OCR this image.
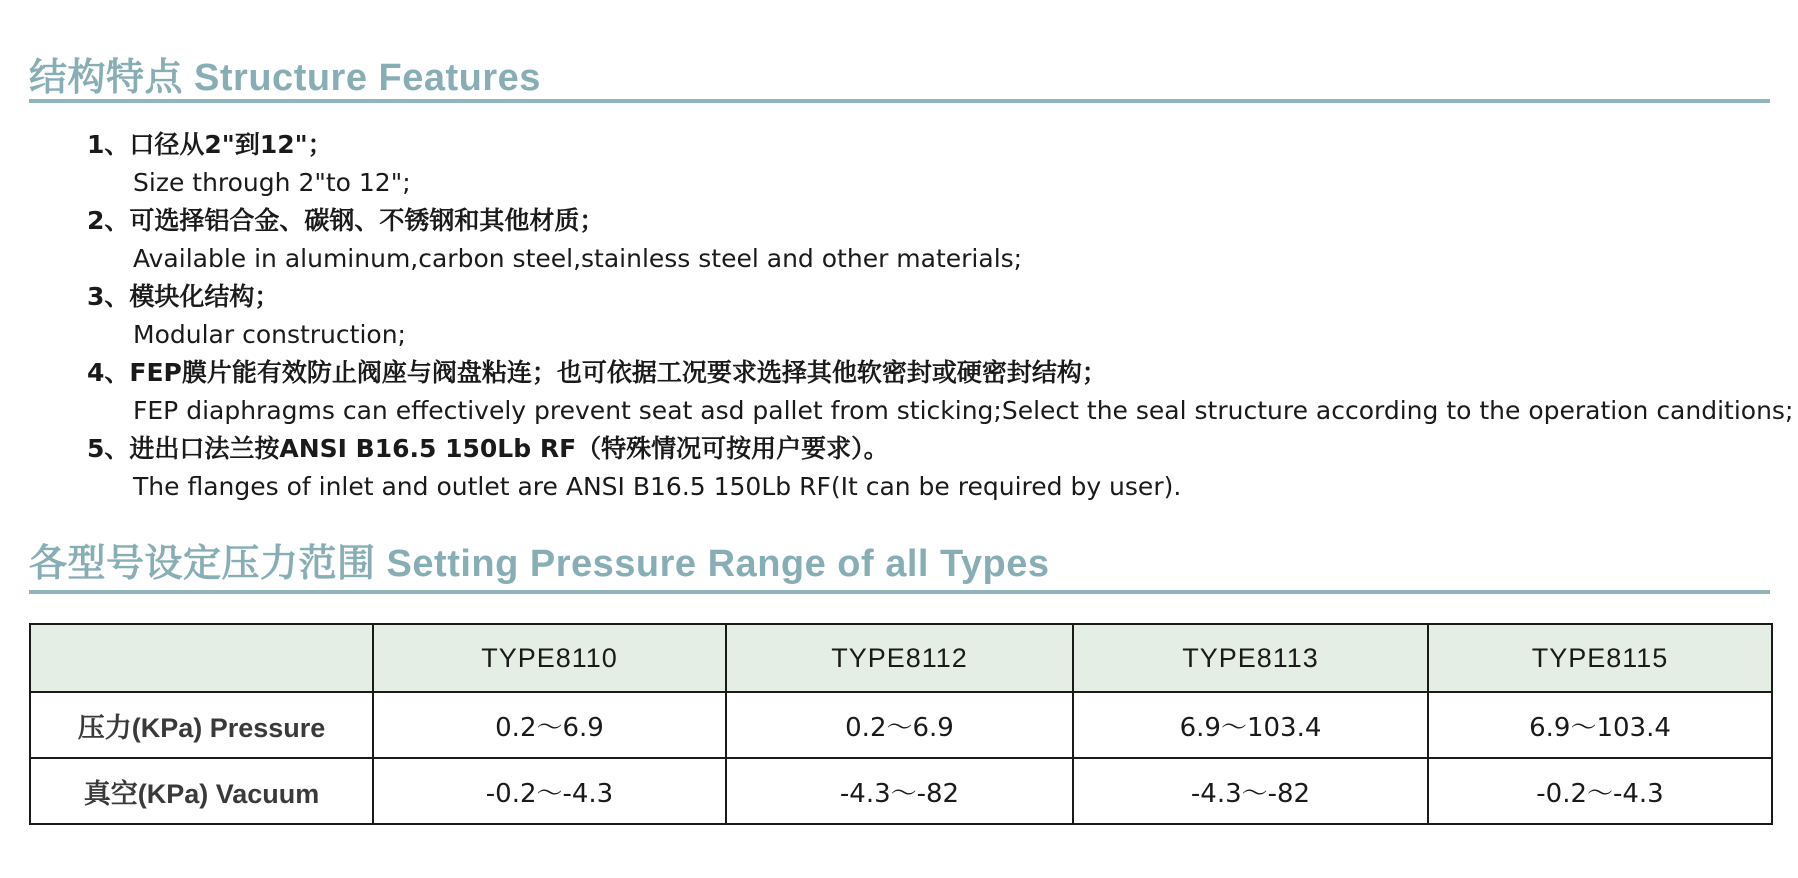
结构特点 Structure Features
1、口径从2"到12"；
Size through 2"to 12";
2、可选择铝合金、碳钢、不锈钢和其他材质；
Available in aluminum,carbon steel,stainless steel and other materials;
3、模块化结构；
Modular construction;
4、FEP膜片能有效防止阀座与阀盘粘连；也可依据工况要求选择其他软密封或硬密封结构；
FEP diaphragms can effectively prevent seat asd pallet from sticking;Select the seal structure according to the operation canditions;
5、进出口法兰按ANSI B16.5 150Lb RF（特殊情况可按用户要求）。
The flanges of inlet and outlet are ANSI B16.5 150Lb RF(It can be required by user).
各型号设定压力范围 Setting Pressure Range of all Types
	TYPE8110	TYPE8112	TYPE8113	TYPE8115
压力(KPa) Pressure	0.2～6.9	0.2～6.9	6.9～103.4	6.9～103.4
真空(KPa) Vacuum	-0.2～-4.3	-4.3～-82	-4.3～-82	-0.2～-4.3
